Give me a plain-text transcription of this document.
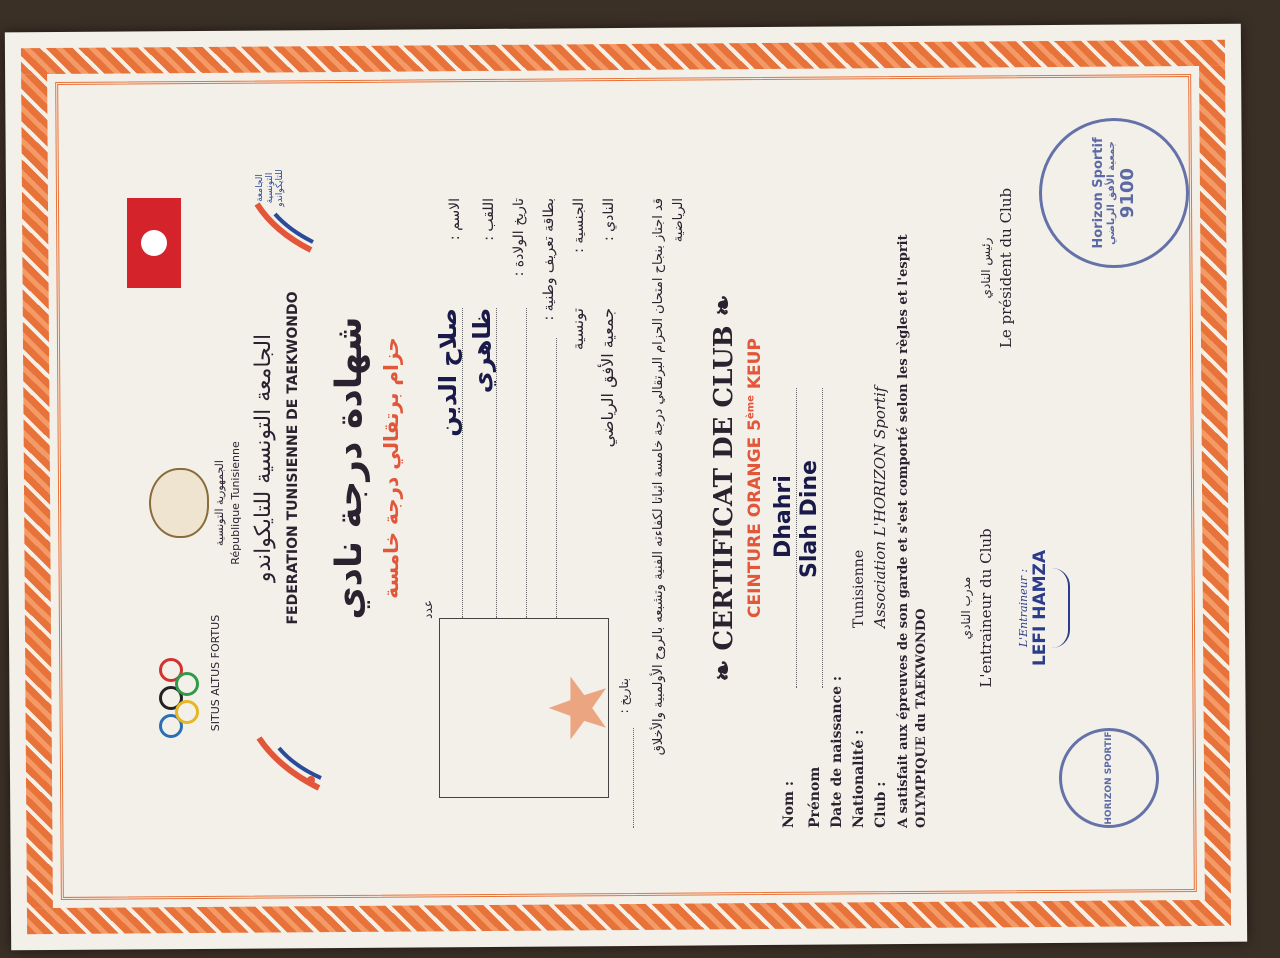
SITUS ALTUS FORTUS
الجمهورية التونسية République Tunisienne الجامعة التونسية للتايكواندو FEDERATION TUNISIENNE DE TAEKWONDO
الجامعة التونسية للتايكواندو
شهادة درجة نادي حزام برتقالي درجة خامسة
عدد
الاسم :
صلاح الدين
اللقب :
ظاهري
تاريخ الولادة : بطاقة تعريف وطنية : الجنسية :
تونسية
النادي :
جمعية الأفق الرياضي	قد اجتاز بنجاح امتحان الحزام البرتقالي درجة خامسة اثباتا لكفاءته الفنية وتشبعه بالروح الأولمبية والأخلاق الرياضية
بتاريخ :
❧ CERTIFICAT DE CLUB ❧
CEINTURE ORANGE 5ème KEUP
Nom :
Dhahri
Prénom
Slah Dine
Date de naissance : Nationalité :
Tunisienne
Club :
Association L'HORIZON Sportif A satisfait aux épreuves de son garde et s'est comporté selon les règles et l'esprit OLYMPIQUE du TAEKWONDO
مدرب النادي L'entraineur du Club L'Entraineur : LEFI HAMZA
HORIZON SPORTIF
رئيس النادي Le président du Club	Horizon Sportif جمعية الأفق الرياضي 9100
